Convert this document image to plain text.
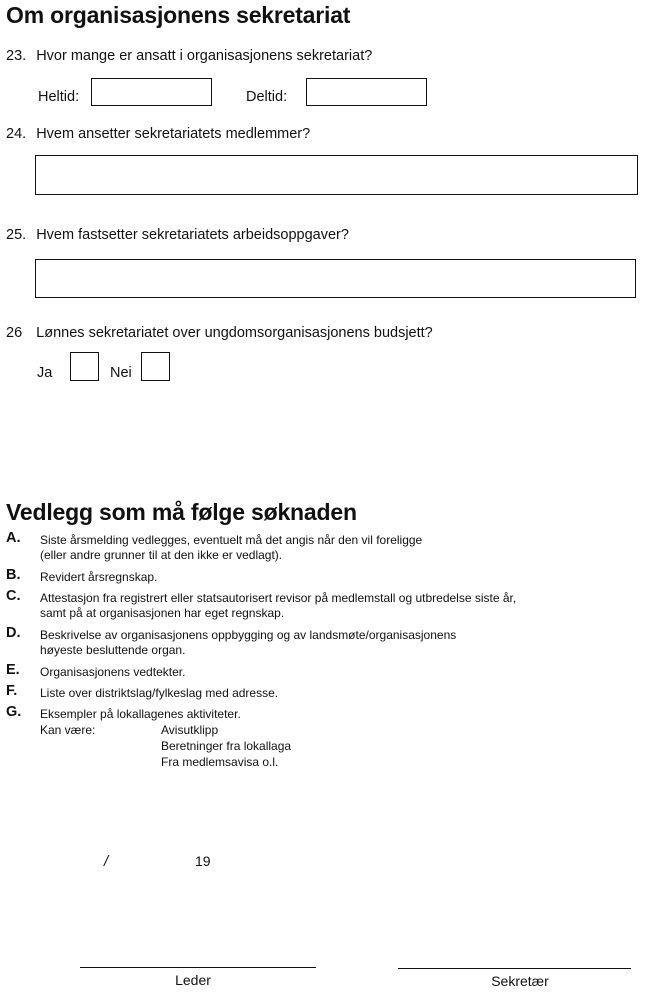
Om organisasjonens sekretariat
23. Hvor mange er ansatt i organisasjonens sekretariat?
Heltid:	Deltid:
24. Hvem ansetter sekretariatets medlemmer?
25. Hvem fastsetter sekretariatets arbeidsoppgaver?
26 Lønnes sekretariatet over ungdomsorganisasjonens budsjett?
Ja	Nei
Vedlegg som må følge søknaden
A. Siste årsmelding vedlegges, eventuelt må det angis når den vil foreligge
(eller andre grunner til at den ikke er vedlagt).
B. Revidert årsregnskap.
C. Attestasjon fra registrert eller statsautorisert revisor på medlemstall og utbredelse siste år,
samt på at organisasjonen har eget regnskap.
D. Beskrivelse av organisasjonens oppbygging og av landsmøte/organisasjonens
høyeste besluttende organ.
E. Organisasjonens vedtekter.
F. Liste over distriktslag/fylkeslag med adresse.
G. Eksempler på lokallagenes aktiviteter.
Kan være:	Avisutklipp
Beretninger fra lokallaga
Fra medlemsavisa o.l.
/	19
Leder	Sekretær
